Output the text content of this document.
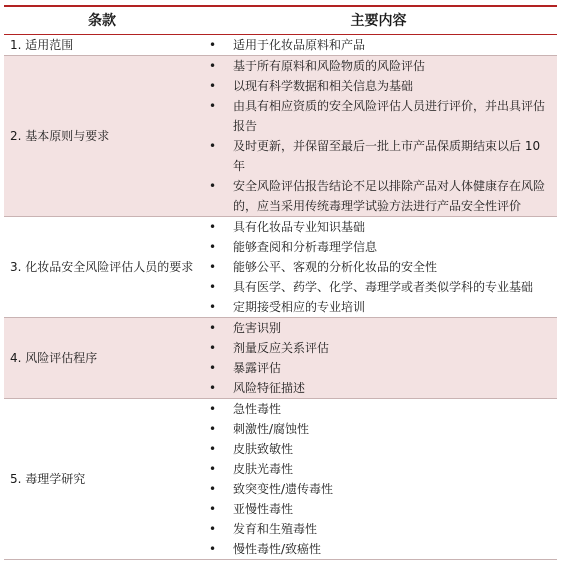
条款	主要内容
1. 适用范围	•	适用于化妆品原料和产品
2. 基本原则与要求
•	基于所有原料和风险物质的风险评估
•	以现有科学数据和相关信息为基础
•	由具有相应资质的安全风险评估人员进行评价，并出具评估报告
•	及时更新，并保留至最后一批上市产品保质期结束以后 10 年
•	安全风险评估报告结论不足以排除产品对人体健康存在风险的，应当采用传统毒理学试验方法进行产品安全性评价
3. 化妆品安全风险评估人员的要求
•	具有化妆品专业知识基础
•	能够查阅和分析毒理学信息
•	能够公平、客观的分析化妆品的安全性
•	具有医学、药学、化学、毒理学或者类似学科的专业基础
•	定期接受相应的专业培训
4. 风险评估程序
•	危害识别
•	剂量反应关系评估
•	暴露评估
•	风险特征描述
5. 毒理学研究
•	急性毒性
•	刺激性/腐蚀性
•	皮肤致敏性
•	皮肤光毒性
•	致突变性/遗传毒性
•	亚慢性毒性
•	发育和生殖毒性
•	慢性毒性/致癌性
